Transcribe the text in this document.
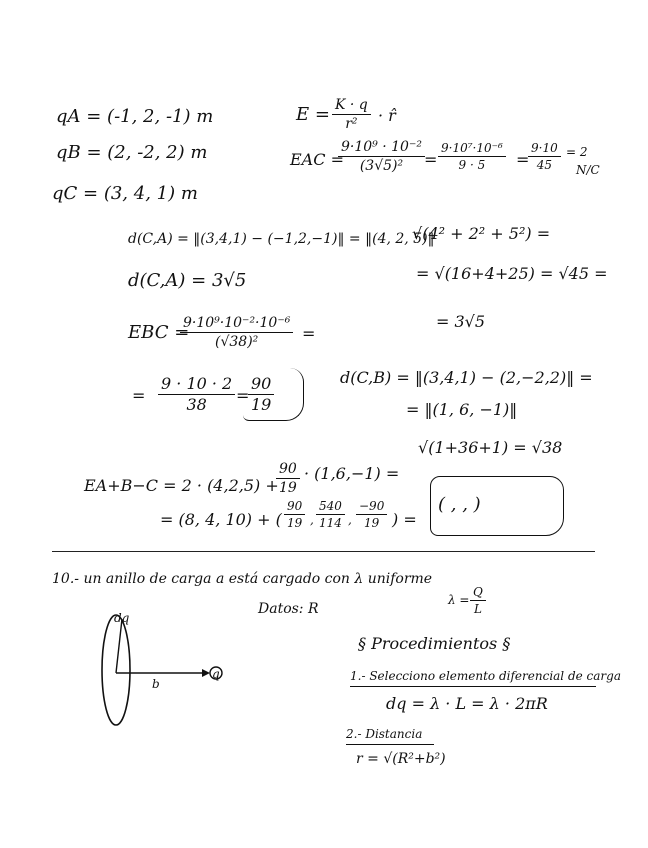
qA = (-1, 2, -1) m
qB = (2, -2, 2) m
qC = (3, 4, 1) m
$E = \frac{K \cdot q}{\text{r²}}$ · r̂
EAC =
$\frac{\text{9·10⁹ · 10⁻²}}{\text{(3√5)²}} = \frac{\text{9·10⁷·10⁻⁶}}{9 \cdot 5}$ =
$\frac{9\cdot 10}{45} = 2$
N/C
d(C,A) = ‖(3,4,1) − (−1,2,−1)‖ = ‖(4, 2, 5)‖
d(C,A) = 3√5
√(4² + 2² + 5²) =
= √(16+4+25) = √45 =
= 3√5
EBC =
$\frac{\text{9·10⁹·10⁻²·10⁻⁶}}{\text{(√38)²}}$ =
= $\frac{9 \cdot 10 \cdot 2}{38}$ =
$\frac{90}{19}$	d(C,B) = ‖(3,4,1) − (2,−2,2)‖ =
= ‖(1, 6, −1)‖
√(1+36+1) = √38
EA+B−C = 2 · (4,2,5) +
$\frac{90}{19} \cdot (1,6,-1)$ =
= (8, 4, 10) + ( $\frac{90}{19}$ , $\frac{540}{114}$ , $\frac{-90}{19}$ ) =
( , , )
10.- un anillo de carga a está cargado con λ uniforme
$\lambda = \frac{Q}{L}$
Datos: R
dq
b
q
§ Procedimientos §
1.- Selecciono elemento diferencial de carga
dq = λ · L = λ · 2πR
2.- Distancia
r = √(R²+b²)
